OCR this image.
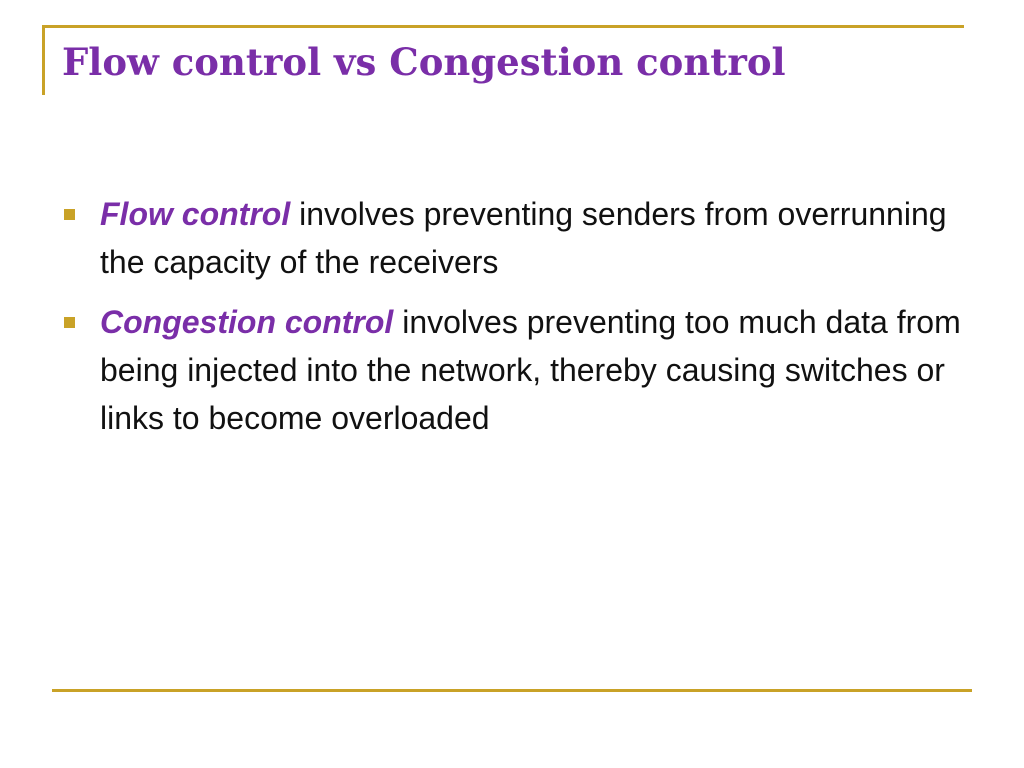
Flow control vs Congestion control
Flow control involves preventing senders from overrunning the capacity of the receivers
Congestion control involves preventing too much data from being injected into the network, thereby causing switches or links to become overloaded
